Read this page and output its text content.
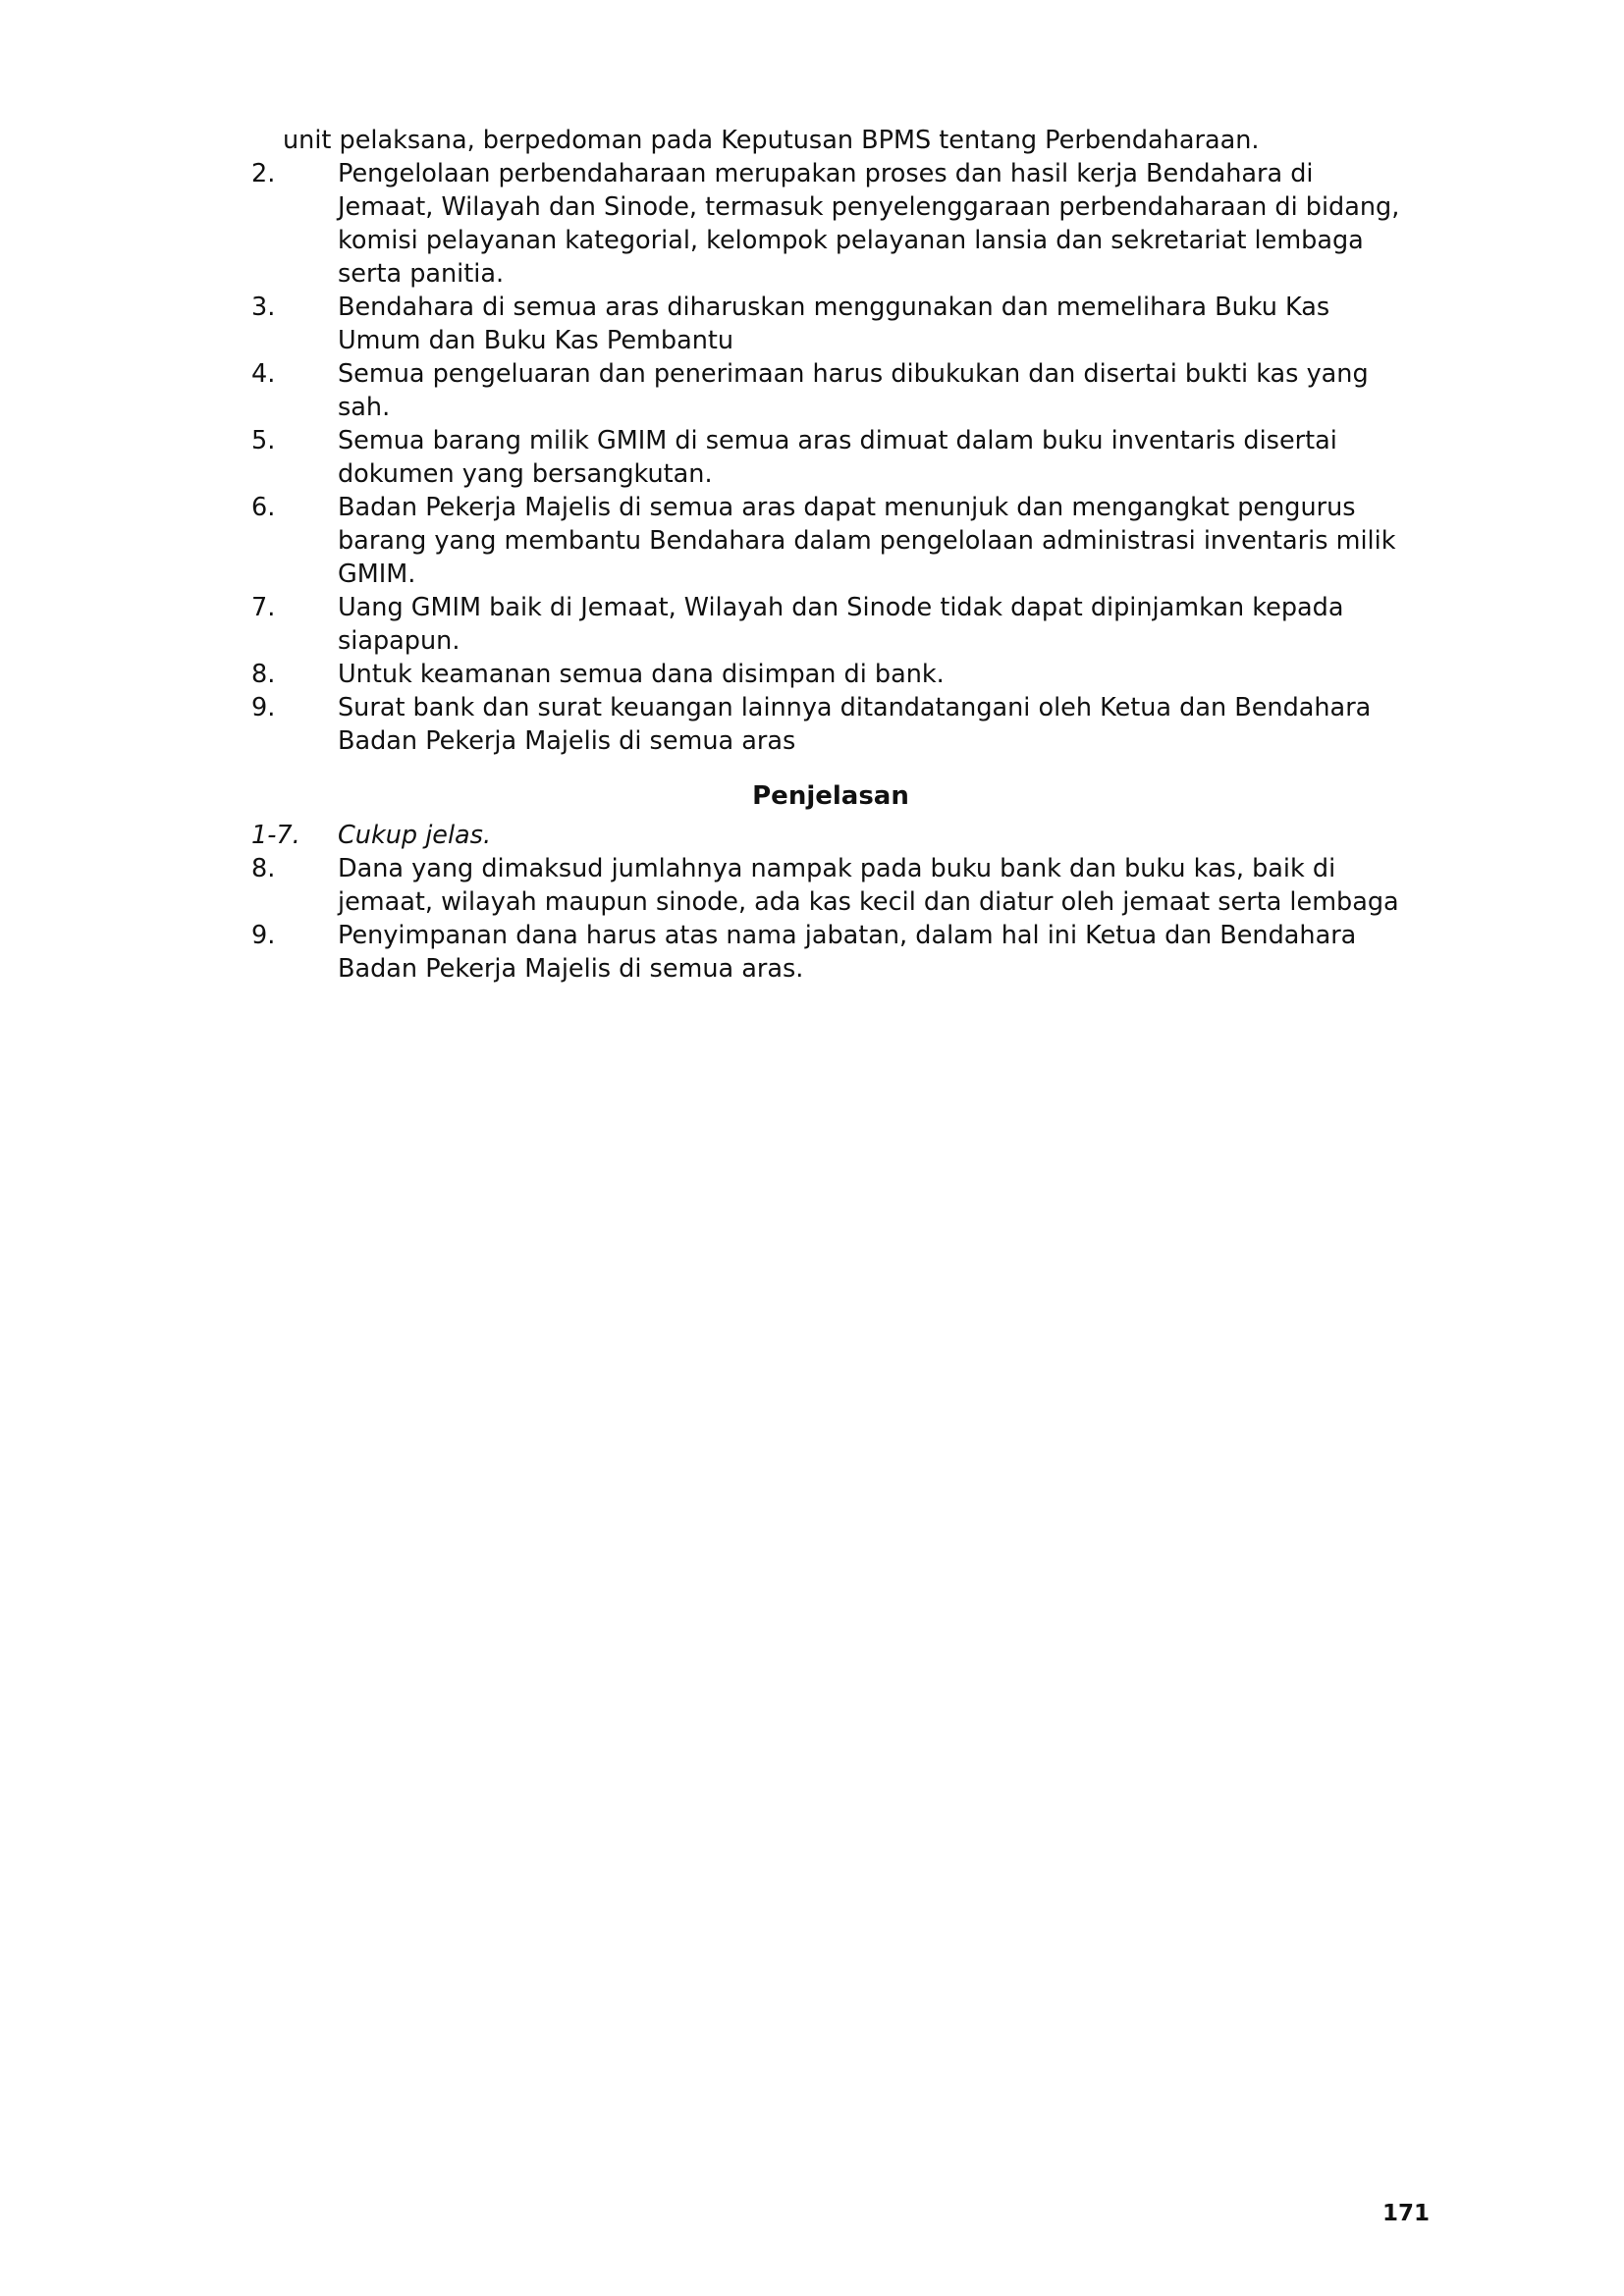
unit pelaksana, berpedoman pada Keputusan BPMS tentang Perbendaharaan.

2.	Pengelolaan perbendaharaan merupakan proses dan hasil kerja Bendahara di
Jemaat, Wilayah dan Sinode, termasuk penyelenggaraan perbendaharaan di bidang,
komisi pelayanan kategorial, kelompok pelayanan lansia dan sekretariat lembaga
serta panitia.
3.	Bendahara di semua aras diharuskan menggunakan dan memelihara Buku Kas
Umum dan Buku Kas Pembantu
4.	Semua pengeluaran dan penerimaan harus dibukukan dan disertai bukti kas yang
sah.
5.	Semua barang milik GMIM di semua aras dimuat dalam buku inventaris disertai
dokumen yang bersangkutan.
6.	Badan Pekerja Majelis di semua aras dapat menunjuk dan mengangkat pengurus
barang yang membantu Bendahara dalam pengelolaan administrasi inventaris milik
GMIM.
7.	Uang GMIM baik di Jemaat, Wilayah dan Sinode tidak dapat dipinjamkan kepada
siapapun.
8.	Untuk keamanan semua dana disimpan di bank.
9.	Surat bank dan surat keuangan lainnya ditandatangani oleh Ketua dan Bendahara
Badan Pekerja Majelis di semua aras
Penjelasan
1-7.	Cukup jelas.
8.	Dana yang dimaksud jumlahnya nampak pada buku bank dan buku kas, baik di
jemaat, wilayah maupun sinode, ada kas kecil dan diatur oleh jemaat serta lembaga
9.	Penyimpanan dana harus atas nama jabatan, dalam hal ini Ketua dan Bendahara
Badan Pekerja Majelis di semua aras.
171
